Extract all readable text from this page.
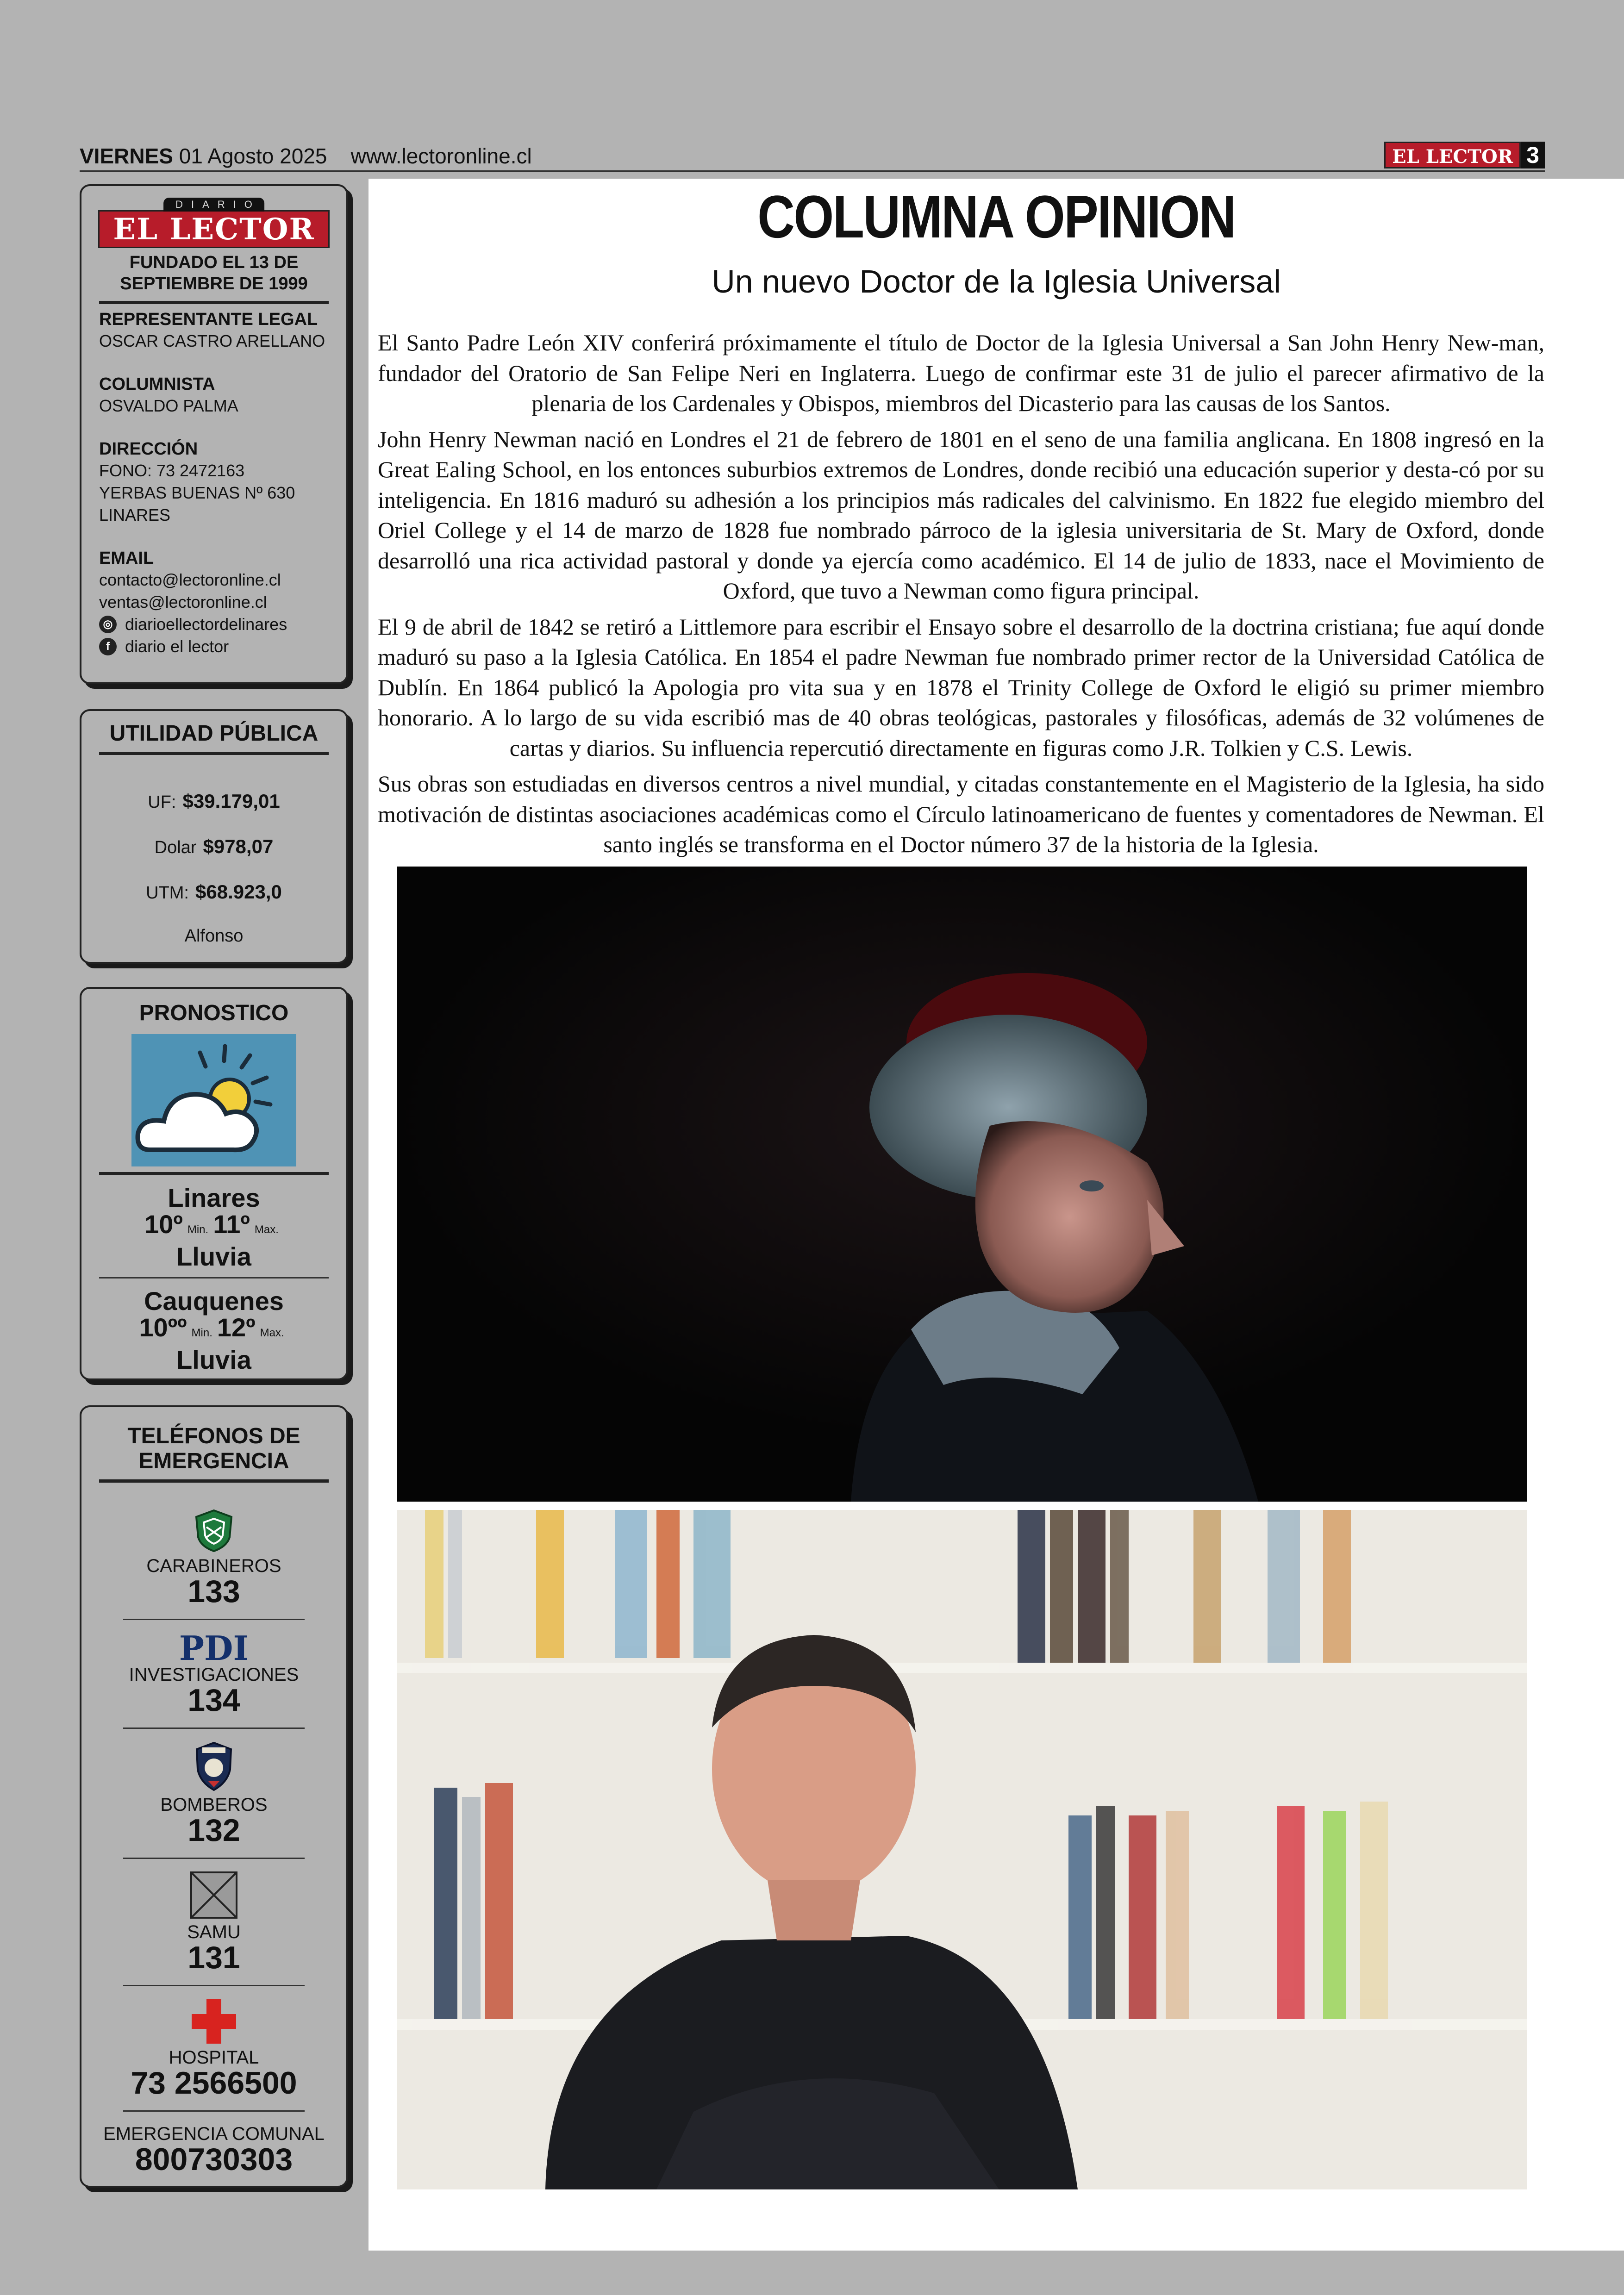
VIERNES 01 Agosto 2025 www.lectoronline.cl	EL LECTOR 3
DIARIO
EL LECTOR
FUNDADO EL 13 DE SEPTIEMBRE DE 1999
REPRESENTANTE LEGAL
OSCAR CASTRO ARELLANO
COLUMNISTA
OSVALDO PALMA
DIRECCIÓN
FONO: 73 2472163
YERBAS BUENAS Nº 630
LINARES
EMAIL
contacto@lectoronline.cl
ventas@lectoronline.cl
◎ diarioellectordelinares
f diario el lector
UTILIDAD PÚBLICA
UF: $39.179,01
Dolar $978,07
UTM: $68.923,0
Alfonso
PRONOSTICO
Linares
10º Min. 11º Max.
Lluvia
Cauquenes
10ºº Min. 12º Max.
Lluvia
TELÉFONOS DE EMERGENCIA
CARABINEROS
133
PDI
INVESTIGACIONES
134
BOMBEROS
132
SAMU
131
HOSPITAL
73 2566500
EMERGENCIA COMUNAL
800730303
COLUMNA OPINION
Un nuevo Doctor de la Iglesia Universal

El Santo Padre León XIV conferirá próximamente el título de Doctor de la Iglesia Universal a San John Henry New-man, fundador del Oratorio de San Felipe Neri en Inglaterra. Luego de confirmar este 31 de julio el parecer afirmativo de la plenaria de los Cardenales y Obispos, miembros del Dicasterio para las causas de los Santos.

John Henry Newman nació en Londres el 21 de febrero de 1801 en el seno de una familia anglicana. En 1808 ingresó en la Great Ealing School, en los entonces suburbios extremos de Londres, donde recibió una educación superior y desta-có por su inteligencia. En 1816 maduró su adhesión a los principios más radicales del calvinismo. En 1822 fue elegido miembro del Oriel College y el 14 de marzo de 1828 fue nombrado párroco de la iglesia universitaria de St. Mary de Oxford, donde desarrolló una rica actividad pastoral y donde ya ejercía como académico. El 14 de julio de 1833, nace el Movimiento de Oxford, que tuvo a Newman como figura principal.

El 9 de abril de 1842 se retiró a Littlemore para escribir el Ensayo sobre el desarrollo de la doctrina cristiana; fue aquí donde maduró su paso a la Iglesia Católica. En 1854 el padre Newman fue nombrado primer rector de la Universidad Católica de Dublín. En 1864 publicó la Apologia pro vita sua y en 1878 el Trinity College de Oxford le eligió su primer miembro honorario. A lo largo de su vida escribió mas de 40 obras teológicas, pastorales y filosóficas, además de 32 volúmenes de cartas y diarios. Su influencia repercutió directamente en figuras como J.R. Tolkien y C.S. Lewis.

Sus obras son estudiadas en diversos centros a nivel mundial, y citadas constantemente en el Magisterio de la Iglesia, ha sido motivación de distintas asociaciones académicas como el Círculo latinoamericano de fuentes y comentadores de Newman. El santo inglés se transforma en el Doctor número 37 de la historia de la Iglesia.
